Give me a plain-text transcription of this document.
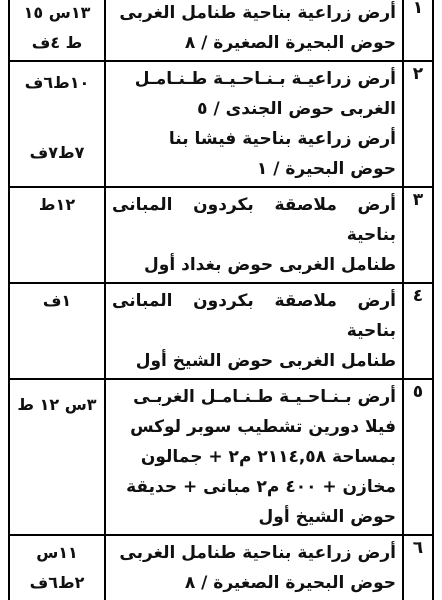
١	أرض زراعية بناحية طنامل الغربى
حوض البحيرة الصغيرة / ٨	١٣س ١٥ ط ٤ف

٢	أرض زراعيـة بـنـاحـيـة طـنـامـل
الغربى حوض الجندى / ٥
أرض زراعية بناحية فيشا بنا
حوض البحيرة / ١	١٠ط٦ف
٧ط٧ف

٣	أرض ملاصقة بكردون المبانى بناحية
طنامل الغربى حوض بغداد أول	١٢ط

٤	أرض ملاصقة بكردون المبانى بناحية
طنامل الغربى حوض الشيخ أول	١ف

٥	أرض بـنـاحـيـة طـنـامـل الغربـى
فيلا دورين تشطيب سوبر لوكس
بمساحة ٢١١٤,٥٨ م٢ + جمالون
مخازن + ٤٠٠ م٢ مبانى + حديقة
حوض الشيخ أول	٣س ١٢ ط

٦	أرض زراعية بناحية طنامل الغربى
حوض البحيرة الصغيرة / ٨	١١س ٢ط٦ف
